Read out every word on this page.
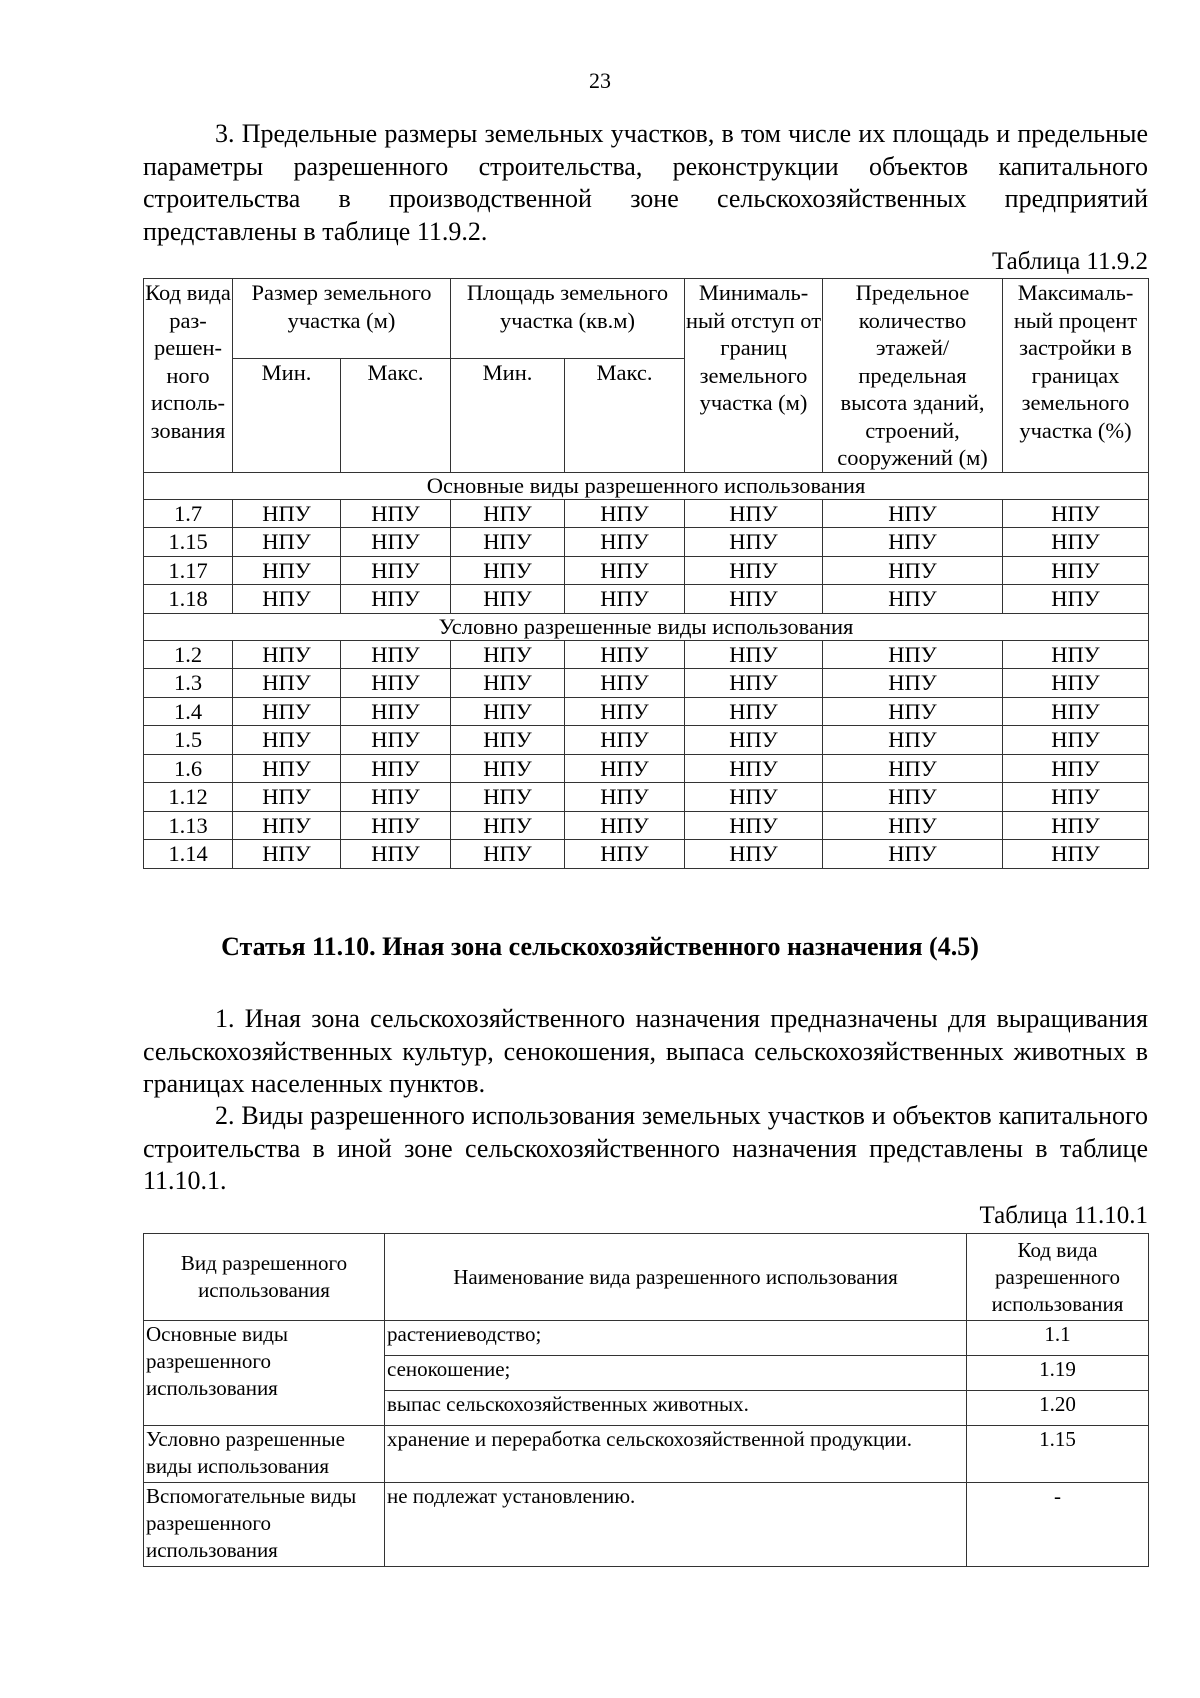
23

3. Предельные размеры земельных участков, в том числе их площадь и предельные параметры разрешенного строительства, реконструкции объектов капитального строительства в производственной зоне сельскохозяйственных предприятий представлены в таблице 11.9.2.

Таблица 11.9.2
Код вида раз-решен-ного исполь-зования	Размер земельного участка (м)		Площадь земельного участка (кв.м)		Минималь-ный отступ от границ земельного участка (м)	Предельное количество этажей/ предельная высота зданий, строений, сооружений (м)	Максималь-ный процент застройки в границах земельного участка (%)
	Мин.	Макс.	Мин.	Макс.			
Основные виды разрешенного использования							
1.7	НПУ	НПУ	НПУ	НПУ	НПУ	НПУ	НПУ
1.15	НПУ	НПУ	НПУ	НПУ	НПУ	НПУ	НПУ
1.17	НПУ	НПУ	НПУ	НПУ	НПУ	НПУ	НПУ
1.18	НПУ	НПУ	НПУ	НПУ	НПУ	НПУ	НПУ
Условно разрешенные виды использования							
1.2	НПУ	НПУ	НПУ	НПУ	НПУ	НПУ	НПУ
1.3	НПУ	НПУ	НПУ	НПУ	НПУ	НПУ	НПУ
1.4	НПУ	НПУ	НПУ	НПУ	НПУ	НПУ	НПУ
1.5	НПУ	НПУ	НПУ	НПУ	НПУ	НПУ	НПУ
1.6	НПУ	НПУ	НПУ	НПУ	НПУ	НПУ	НПУ
1.12	НПУ	НПУ	НПУ	НПУ	НПУ	НПУ	НПУ
1.13	НПУ	НПУ	НПУ	НПУ	НПУ	НПУ	НПУ
1.14	НПУ	НПУ	НПУ	НПУ	НПУ	НПУ	НПУ
Статья 11.10. Иная зона сельскохозяйственного назначения (4.5)

1. Иная зона сельскохозяйственного назначения предназначены для выращивания сельскохозяйственных культур, сенокошения, выпаса сельскохозяйственных животных в границах населенных пунктов.

2. Виды разрешенного использования земельных участков и объектов капитального строительства в иной зоне сельскохозяйственного назначения представлены в таблице 11.10.1.

Таблица 11.10.1
Вид разрешенного использования	Наименование вида разрешенного использования	Код вида разрешенного использования
Основные виды разрешенного использования	растениеводство;	1.1
	сенокошение;	1.19
	выпас сельскохозяйственных животных.	1.20
Условно разрешенные виды использования	хранение и переработка сельскохозяйственной продукции.	1.15
Вспомогательные виды разрешенного использования	не подлежат установлению.	-
